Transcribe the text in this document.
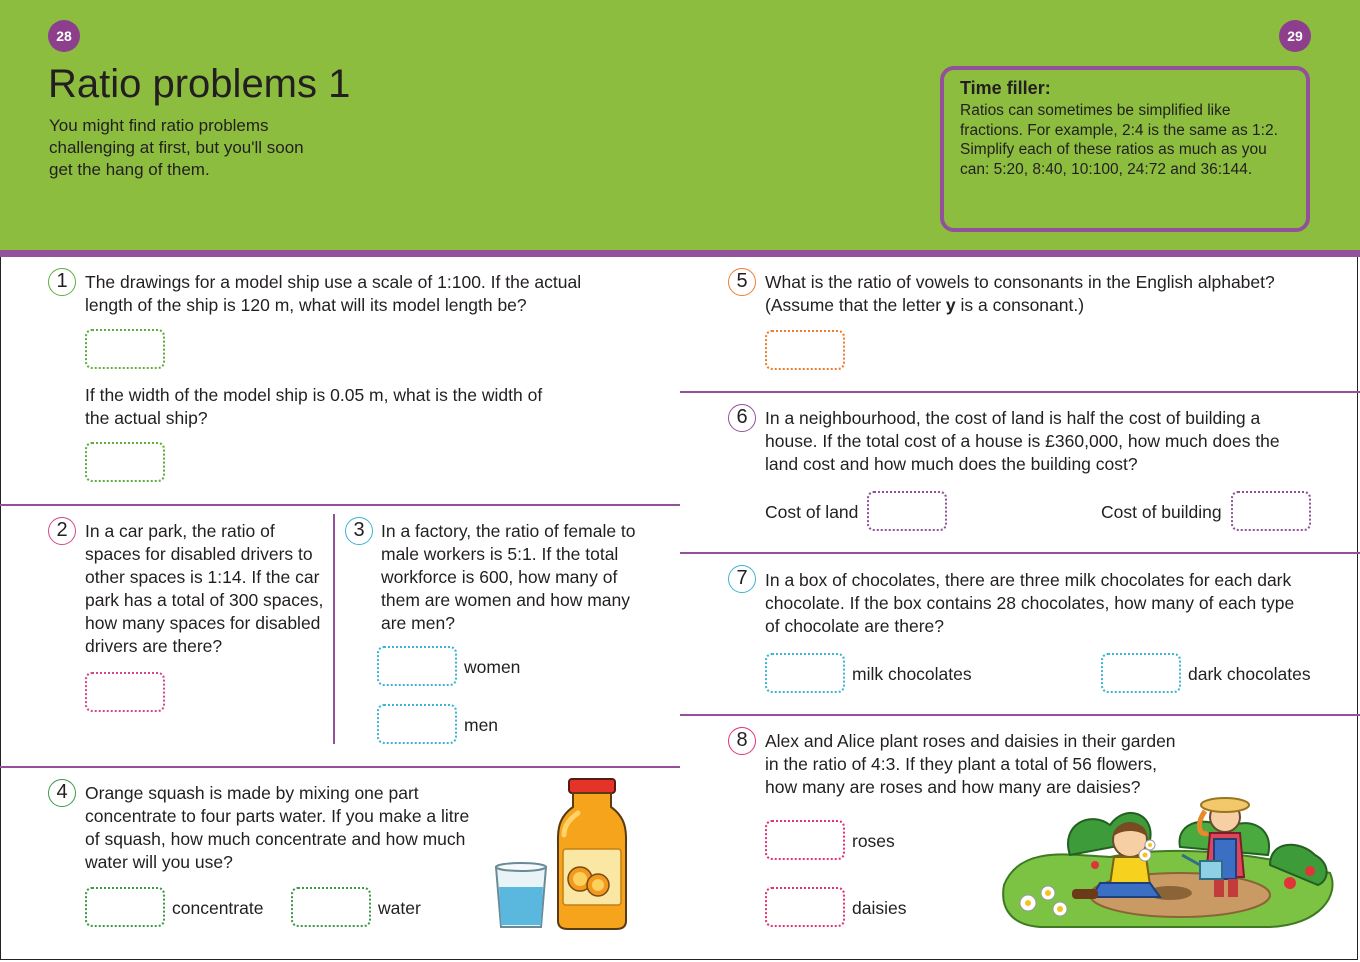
28	29
Ratio problems 1
You might find ratio problems challenging at first, but you'll soon get the hang of them.
Time filler:
Ratios can sometimes be simplified like fractions. For example, 2:4 is the same as 1:2. Simplify each of these ratios as much as you can: 5:20, 8:40, 10:100, 24:72 and 36:144.
1 The drawings for a model ship use a scale of 1:100. If the actual length of the ship is 120 m, what will its model length be?
If the width of the model ship is 0.05 m, what is the width of the actual ship?
2 In a car park, the ratio of spaces for disabled drivers to other spaces is 1:14. If the car park has a total of 300 spaces, how many spaces for disabled drivers are there?
3 In a factory, the ratio of female to male workers is 5:1. If the total workforce is 600, how many of them are women and how many are men?
women
men
4 Orange squash is made by mixing one part concentrate to four parts water. If you make a litre of squash, how much concentrate and how much water will you use?
concentrate	water
5 What is the ratio of vowels to consonants in the English alphabet?
(Assume that the letter y is a consonant.)
6 In a neighbourhood, the cost of land is half the cost of building a house. If the total cost of a house is £360,000, how much does the land cost and how much does the building cost?
Cost of land	Cost of building
7 In a box of chocolates, there are three milk chocolates for each dark chocolate. If the box contains 28 chocolates, how many of each type of chocolate are there?
milk chocolates	dark chocolates
8 Alex and Alice plant roses and daisies in their garden in the ratio of 4:3. If they plant a total of 56 flowers, how many are roses and how many are daisies?
roses
daisies
